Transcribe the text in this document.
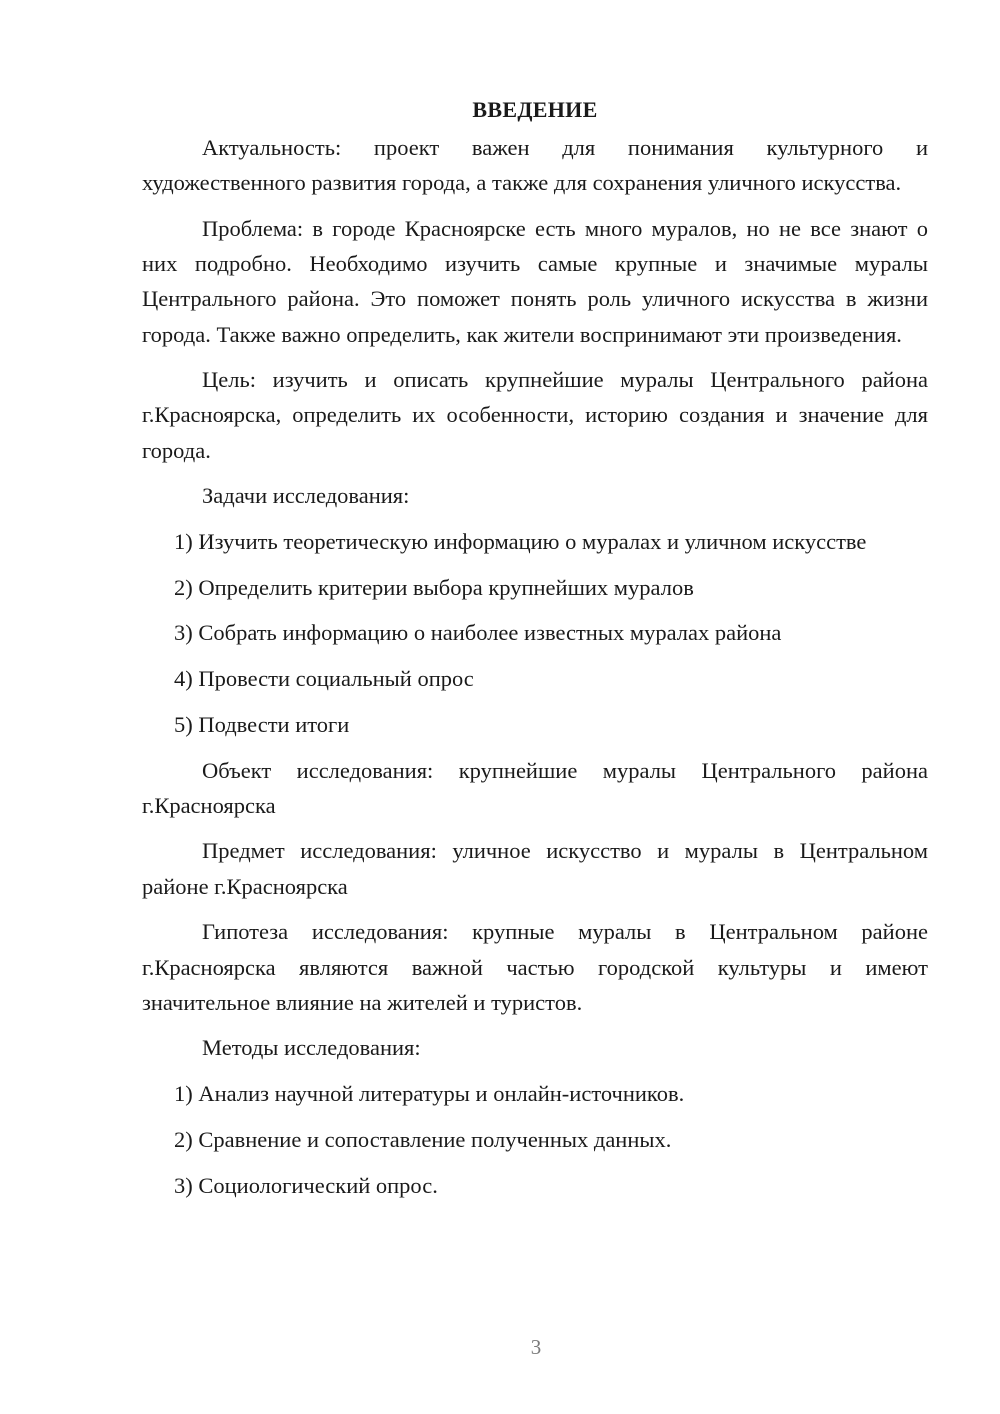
ВВЕДЕНИЕ

Актуальность: проект важен для понимания культурного и художественного развития города, а также для сохранения уличного искусства.

Проблема: в городе Красноярске есть много муралов, но не все знают о них подробно. Необходимо изучить самые крупные и значимые муралы Центрального района. Это поможет понять роль уличного искусства в жизни города. Также важно определить, как жители воспринимают эти произведения.

Цель: изучить и описать крупнейшие муралы Центрального района г.Красноярска, определить их особенности, историю создания и значение для города.

Задачи исследования:

1) Изучить теоретическую информацию о муралах и уличном искусстве

2) Определить критерии выбора крупнейших муралов

3) Собрать информацию о наиболее известных муралах района

4) Провести социальный опрос

5) Подвести итоги

Объект исследования: крупнейшие муралы Центрального района г.Красноярска

Предмет исследования: уличное искусство и муралы в Центральном районе г.Красноярска

Гипотеза исследования: крупные муралы в Центральном районе г.Красноярска являются важной частью городской культуры и имеют значительное влияние на жителей и туристов.

Методы исследования:

1) Анализ научной литературы и онлайн-источников.

2) Сравнение и сопоставление полученных данных.

3) Социологический опрос.

3
